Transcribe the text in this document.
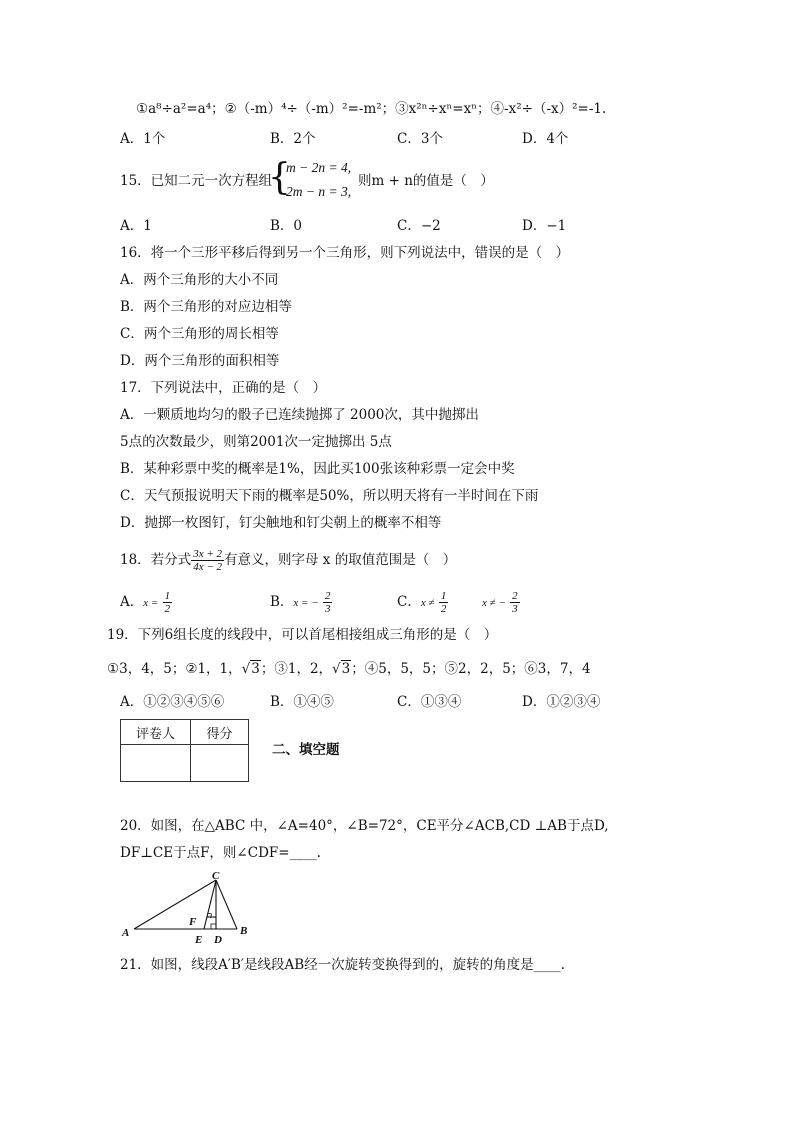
①a⁸÷a²=a⁴；②（-m）⁴÷（-m）²=-m²；③x²ⁿ÷xⁿ=xⁿ；④-x²÷（-x）²=-1.
A．1个	B．2个	C．3个	D．4个
15．已知二元一次方程组
{
m − 2n = 4,
2m − n = 3,
则m + n的值是（　）
A．1	B．0	C．−2	D．−1
16．将一个三形平移后得到另一个三角形，则下列说法中，错误的是（　）
A．两个三角形的大小不同
B．两个三角形的对应边相等
C．两个三角形的周长相等
D．两个三角形的面积相等
17．下列说法中，正确的是（　）
A．一颗质地均匀的骰子已连续抛掷了 2000次，其中抛掷出
5点的次数最少，则第2001次一定抛掷出 5点
B．某种彩票中奖的概率是1%，因此买100张该种彩票一定会中奖
C．天气预报说明天下雨的概率是50%，所以明天将有一半时间在下雨
D．抛掷一枚图钉，钉尖触地和钉尖朝上的概率不相等
18．若分式 $\frac{3x + 2}{4x - 2}$ 有意义，则字母 x 的取值范围是（　）
A．$x = \frac{1}{2}$	B．x = − $\frac{2}{3}$	C．$x \ne \frac{1}{2}$	x ≠ − $\frac{2}{3}$
19．下列6组长度的线段中，可以首尾相接组成三角形的是（　）
①3，4，5；②1，1，√3；③1，2，√3；④5，5，5；⑤2，2，5；⑥3，7，4
A．①②③④⑤⑥	B．①④⑤	C．①③④	D．①②③④
评卷人	得分

二、填空题
20．如图，在△ABC 中，∠A=40°，∠B=72°，CE平分∠ACB,CD ⊥AB于点D,
DF⊥CE于点F，则∠CDF=____.
C
A	B
F
E D
21．如图，线段A′B′是线段AB经一次旋转变换得到的，旋转的角度是____.
